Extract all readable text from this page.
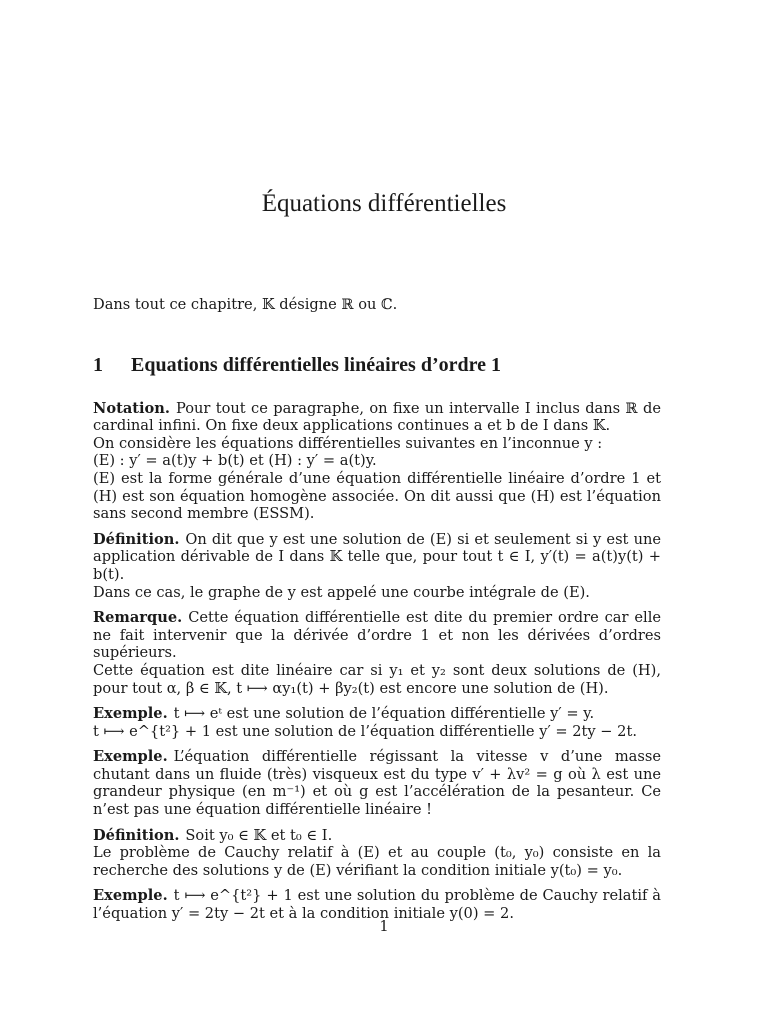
Équations différentielles

Dans tout ce chapitre, 𝕂 désigne ℝ ou ℂ.

1 Equations différentielles linéaires d’ordre 1

Notation. Pour tout ce paragraphe, on fixe un intervalle I inclus dans ℝ de cardinal infini. On fixe deux applications continues a et b de I dans 𝕂.

On considère les équations différentielles suivantes en l’inconnue y :

(E) : y′ = a(t)y + b(t) et (H) : y′ = a(t)y.

(E) est la forme générale d’une équation différentielle linéaire d’ordre 1 et (H) est son équation homogène associée. On dit aussi que (H) est l’équation sans second membre (ESSM).

Définition. On dit que y est une solution de (E) si et seulement si y est une application dérivable de I dans 𝕂 telle que, pour tout t ∈ I, y′(t) = a(t)y(t) + b(t).

Dans ce cas, le graphe de y est appelé une courbe intégrale de (E).

Remarque. Cette équation différentielle est dite du premier ordre car elle ne fait intervenir que la dérivée d’ordre 1 et non les dérivées d’ordres supérieurs.

Cette équation est dite linéaire car si y₁ et y₂ sont deux solutions de (H), pour tout α, β ∈ 𝕂, t ⟼ αy₁(t) + βy₂(t) est encore une solution de (H).

Exemple. t ⟼ eᵗ est une solution de l’équation différentielle y′ = y.

t ⟼ e^{t²} + 1 est une solution de l’équation différentielle y′ = 2ty − 2t.

Exemple. L’équation différentielle régissant la vitesse v d’une masse chutant dans un fluide (très) visqueux est du type v′ + λv² = g où λ est une grandeur physique (en m⁻¹) et où g est l’accélération de la pesanteur. Ce n’est pas une équation différentielle linéaire !

Définition. Soit y₀ ∈ 𝕂 et t₀ ∈ I.

Le problème de Cauchy relatif à (E) et au couple (t₀, y₀) consiste en la recherche des solutions y de (E) vérifiant la condition initiale y(t₀) = y₀.

Exemple. t ⟼ e^{t²} + 1 est une solution du problème de Cauchy relatif à l’équation y′ = 2ty − 2t et à la condition initiale y(0) = 2.

1
